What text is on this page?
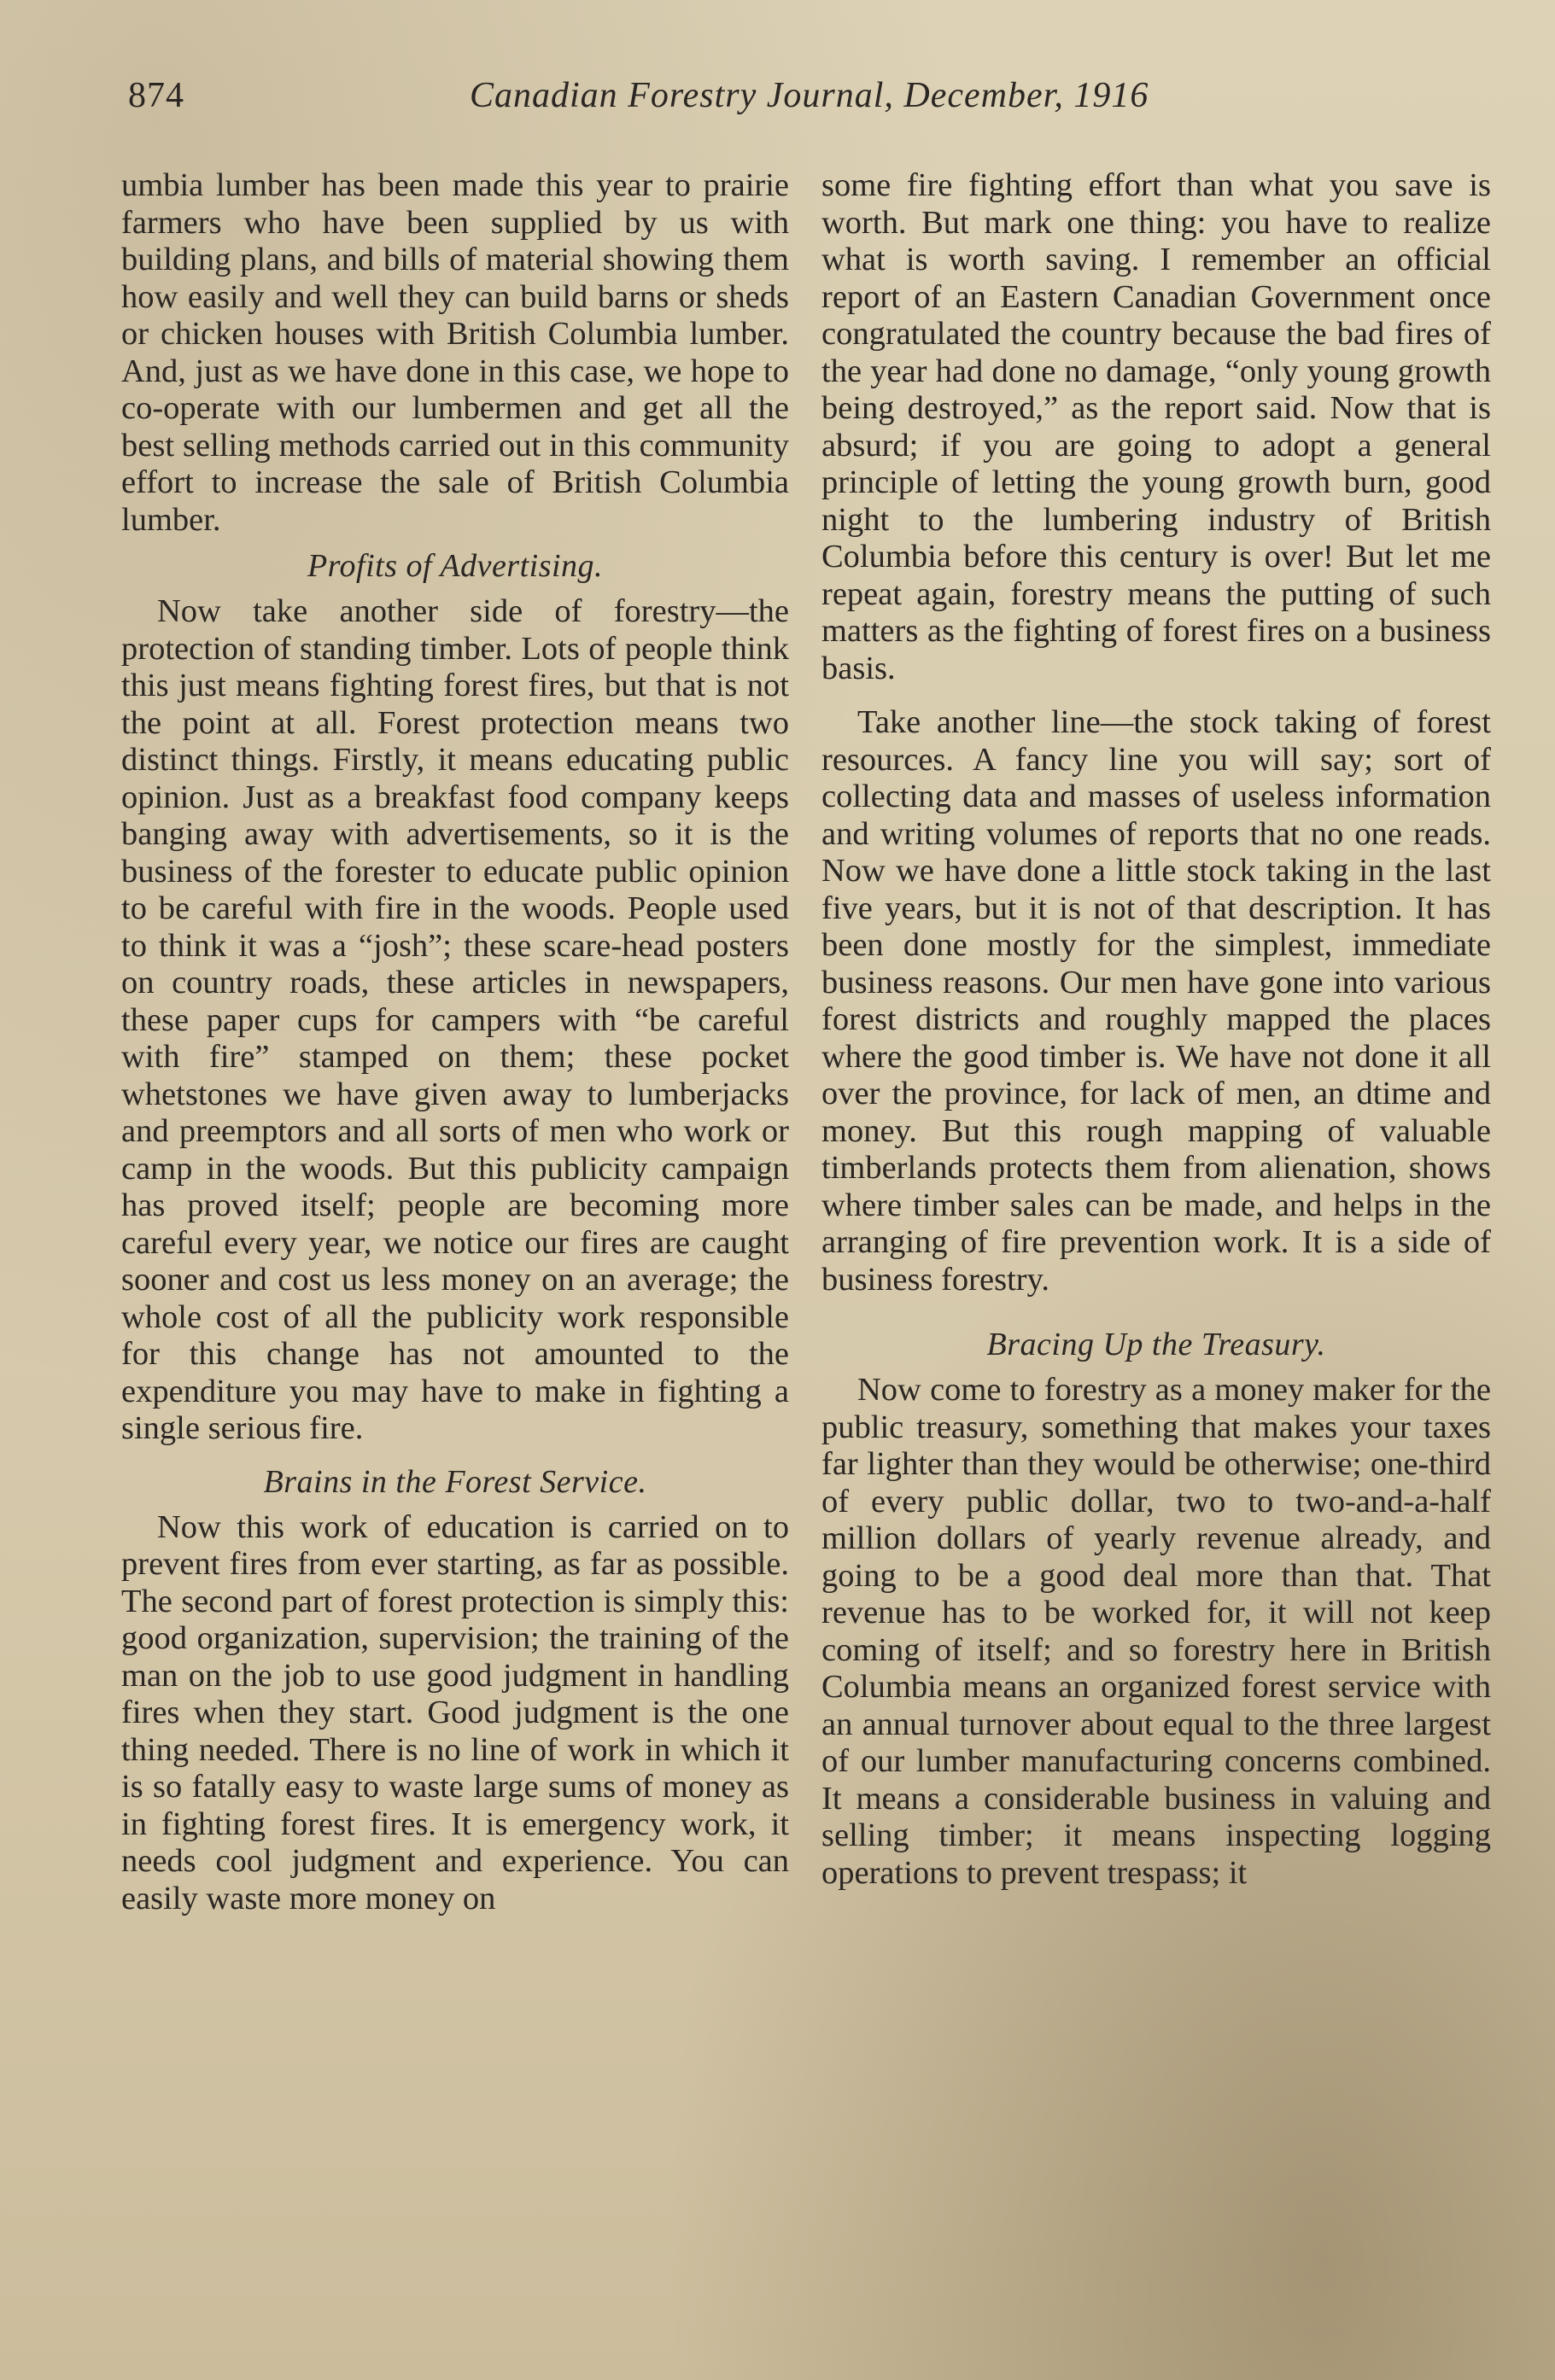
874	Canadian Forestry Journal, December, 1916

umbia lumber has been made this year to prairie farmers who have been supplied by us with building plans, and bills of material showing them how easily and well they can build barns or sheds or chicken houses with British Columbia lumber. And, just as we have done in this case, we hope to co-operate with our lumbermen and get all the best selling methods carried out in this community effort to increase the sale of British Columbia lumber.

Profits of Advertising.

Now take another side of forestry—the protection of standing timber. Lots of people think this just means fighting forest fires, but that is not the point at all. Forest protection means two distinct things. Firstly, it means educating public opinion. Just as a breakfast food company keeps banging away with advertisements, so it is the business of the forester to educate public opinion to be careful with fire in the woods. People used to think it was a “josh”; these scare-head posters on country roads, these articles in newspapers, these paper cups for campers with “be careful with fire” stamped on them; these pocket whetstones we have given away to lumberjacks and preemptors and all sorts of men who work or camp in the woods. But this publicity campaign has proved itself; people are becoming more careful every year, we notice our fires are caught sooner and cost us less money on an average; the whole cost of all the publicity work responsible for this change has not amounted to the expenditure you may have to make in fighting a single serious fire.

Brains in the Forest Service.

Now this work of education is carried on to prevent fires from ever starting, as far as possible. The second part of forest protection is simply this: good organization, supervision; the training of the man on the job to use good judgment in handling fires when they start. Good judgment is the one thing needed. There is no line of work in which it is so fatally easy to waste large sums of money as in fighting forest fires. It is emergency work, it needs cool judgment and experience. You can easily waste more money on

some fire fighting effort than what you save is worth. But mark one thing: you have to realize what is worth saving. I remember an official report of an Eastern Canadian Government once congratulated the country because the bad fires of the year had done no damage, “only young growth being destroyed,” as the report said. Now that is absurd; if you are going to adopt a general principle of letting the young growth burn, good night to the lumbering industry of British Columbia before this century is over! But let me repeat again, forestry means the putting of such matters as the fighting of forest fires on a business basis.

Take another line—the stock taking of forest resources. A fancy line you will say; sort of collecting data and masses of useless information and writing volumes of reports that no one reads. Now we have done a little stock taking in the last five years, but it is not of that description. It has been done mostly for the simplest, immediate business reasons. Our men have gone into various forest districts and roughly mapped the places where the good timber is. We have not done it all over the province, for lack of men, an dtime and money. But this rough mapping of valuable timberlands protects them from alienation, shows where timber sales can be made, and helps in the arranging of fire prevention work. It is a side of business forestry.

Bracing Up the Treasury.

Now come to forestry as a money maker for the public treasury, something that makes your taxes far lighter than they would be otherwise; one-third of every public dollar, two to two-and-a-half million dollars of yearly revenue already, and going to be a good deal more than that. That revenue has to be worked for, it will not keep coming of itself; and so forestry here in British Columbia means an organized forest service with an annual turnover about equal to the three largest of our lumber manufacturing concerns combined. It means a considerable business in valuing and selling timber; it means inspecting logging operations to prevent trespass; it
